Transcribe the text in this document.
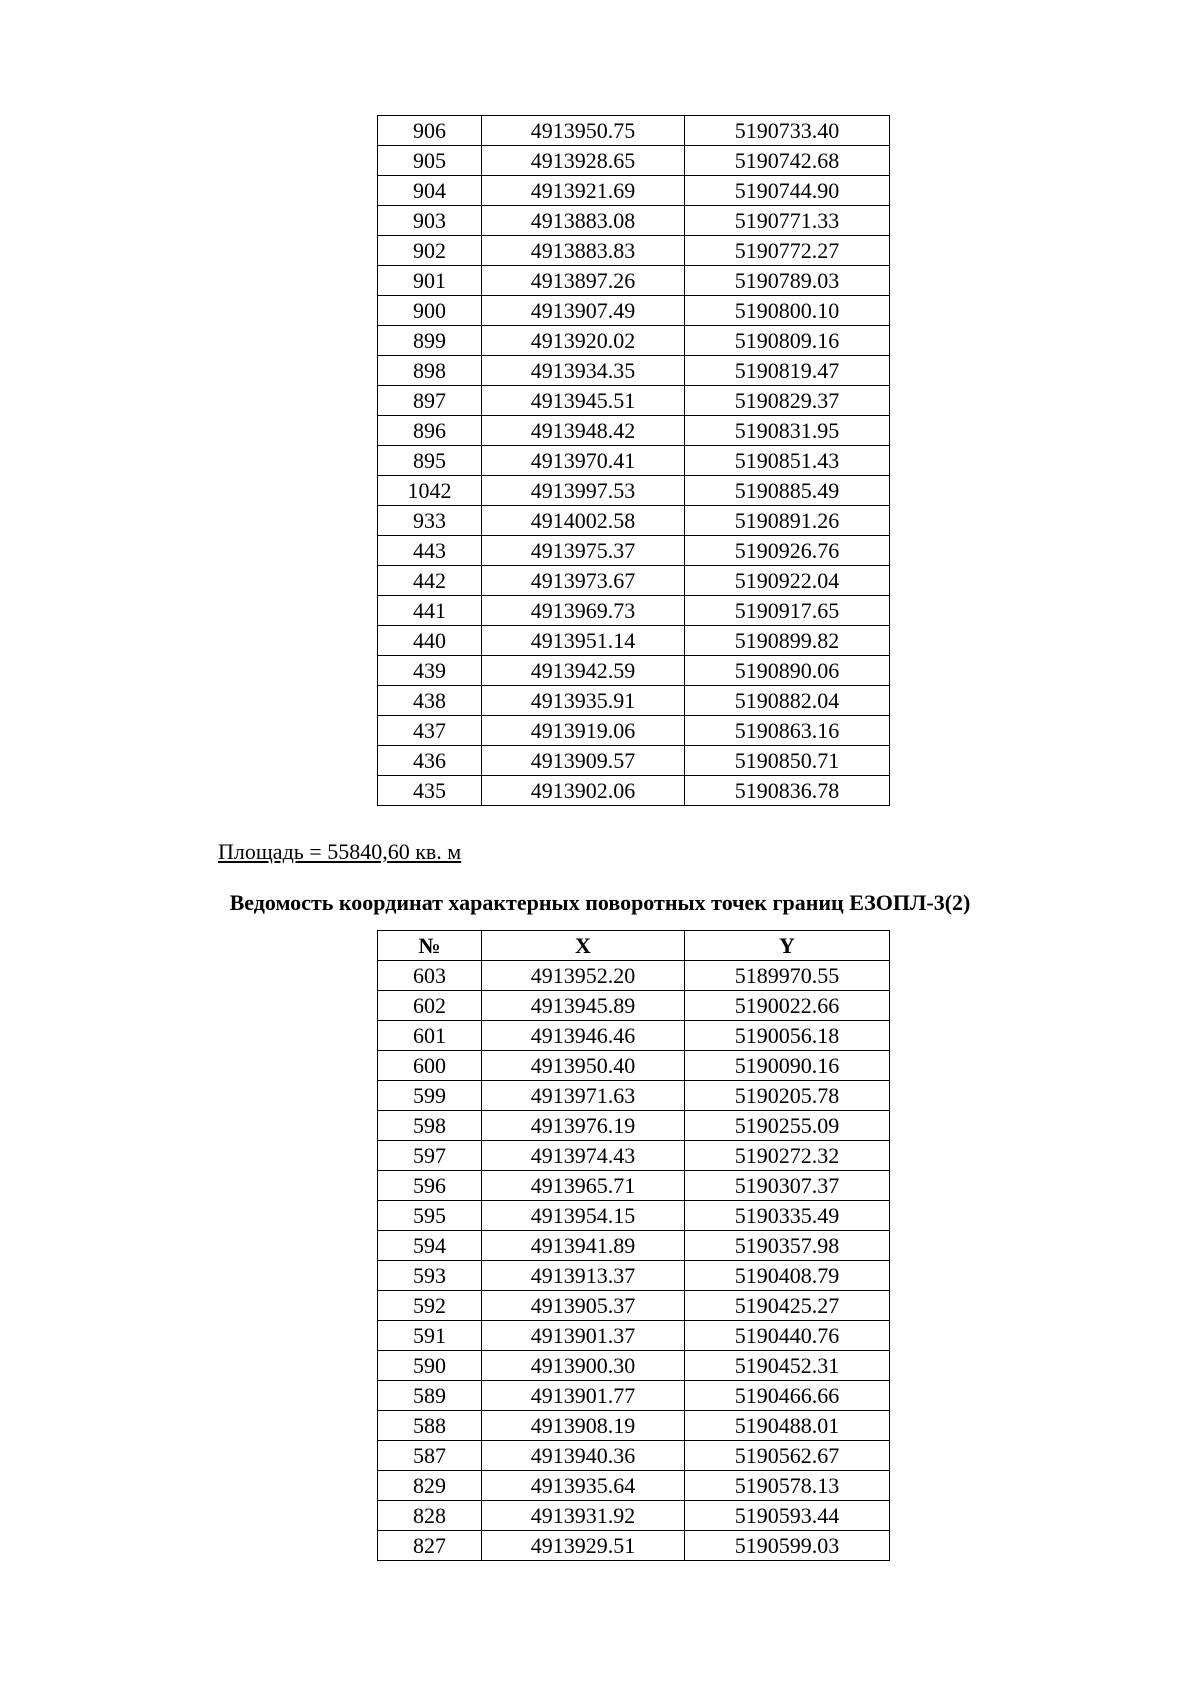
906	4913950.75	5190733.40
905	4913928.65	5190742.68
904	4913921.69	5190744.90
903	4913883.08	5190771.33
902	4913883.83	5190772.27
901	4913897.26	5190789.03
900	4913907.49	5190800.10
899	4913920.02	5190809.16
898	4913934.35	5190819.47
897	4913945.51	5190829.37
896	4913948.42	5190831.95
895	4913970.41	5190851.43
1042	4913997.53	5190885.49
933	4914002.58	5190891.26
443	4913975.37	5190926.76
442	4913973.67	5190922.04
441	4913969.73	5190917.65
440	4913951.14	5190899.82
439	4913942.59	5190890.06
438	4913935.91	5190882.04
437	4913919.06	5190863.16
436	4913909.57	5190850.71
435	4913902.06	5190836.78
Площадь = 55840,60 кв. м
Ведомость координат характерных поворотных точек границ ЕЗОПЛ-3(2)
№	X	Y
603	4913952.20	5189970.55
602	4913945.89	5190022.66
601	4913946.46	5190056.18
600	4913950.40	5190090.16
599	4913971.63	5190205.78
598	4913976.19	5190255.09
597	4913974.43	5190272.32
596	4913965.71	5190307.37
595	4913954.15	5190335.49
594	4913941.89	5190357.98
593	4913913.37	5190408.79
592	4913905.37	5190425.27
591	4913901.37	5190440.76
590	4913900.30	5190452.31
589	4913901.77	5190466.66
588	4913908.19	5190488.01
587	4913940.36	5190562.67
829	4913935.64	5190578.13
828	4913931.92	5190593.44
827	4913929.51	5190599.03
